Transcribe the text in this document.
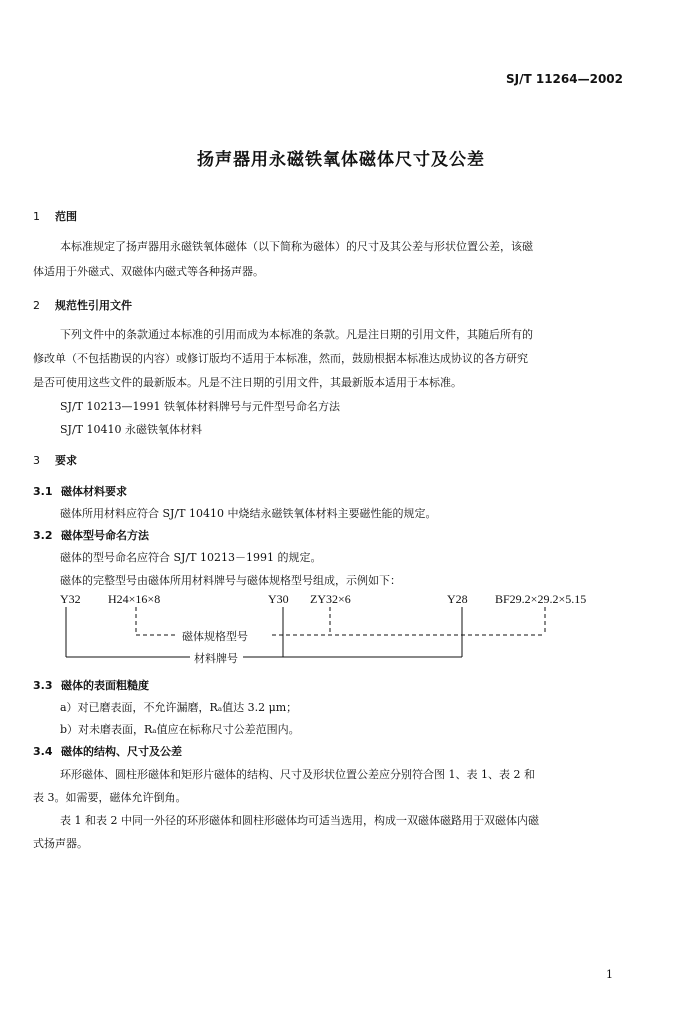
SJ/T 11264—2002
扬声器用永磁铁氧体磁体尺寸及公差
1 范围
本标准规定了扬声器用永磁铁氧体磁体（以下简称为磁体）的尺寸及其公差与形状位置公差，该磁
体适用于外磁式、双磁体内磁式等各种扬声器。
2 规范性引用文件
下列文件中的条款通过本标准的引用而成为本标准的条款。凡是注日期的引用文件，其随后所有的
修改单（不包括勘误的内容）或修订版均不适用于本标准，然而，鼓励根据本标准达成协议的各方研究
是否可使用这些文件的最新版本。凡是不注日期的引用文件，其最新版本适用于本标准。
SJ/T 10213—1991 铁氧体材料牌号与元件型号命名方法
SJ/T 10410 永磁铁氧体材料
3 要求
3.1 磁体材料要求
磁体所用材料应符合 SJ/T 10410 中烧结永磁铁氧体材料主要磁性能的规定。
3.2 磁体型号命名方法
磁体的型号命名应符合 SJ/T 10213－1991 的规定。
磁体的完整型号由磁体所用材料牌号与磁体规格型号组成，示例如下：
Y32 H24×16×8	Y30 ZY32×6	Y28 BF29.2×29.2×5.15
磁体规格型号
材料牌号
3.3 磁体的表面粗糙度
a）对已磨表面，不允许漏磨，Rₐ值达 3.2 μm；
b）对未磨表面，Rₐ值应在标称尺寸公差范围内。
3.4 磁体的结构、尺寸及公差
环形磁体、圆柱形磁体和矩形片磁体的结构、尺寸及形状位置公差应分别符合图 1、表 1、表 2 和
表 3。如需要，磁体允许倒角。
表 1 和表 2 中同一外径的环形磁体和圆柱形磁体均可适当选用，构成一双磁体磁路用于双磁体内磁
式扬声器。
1
